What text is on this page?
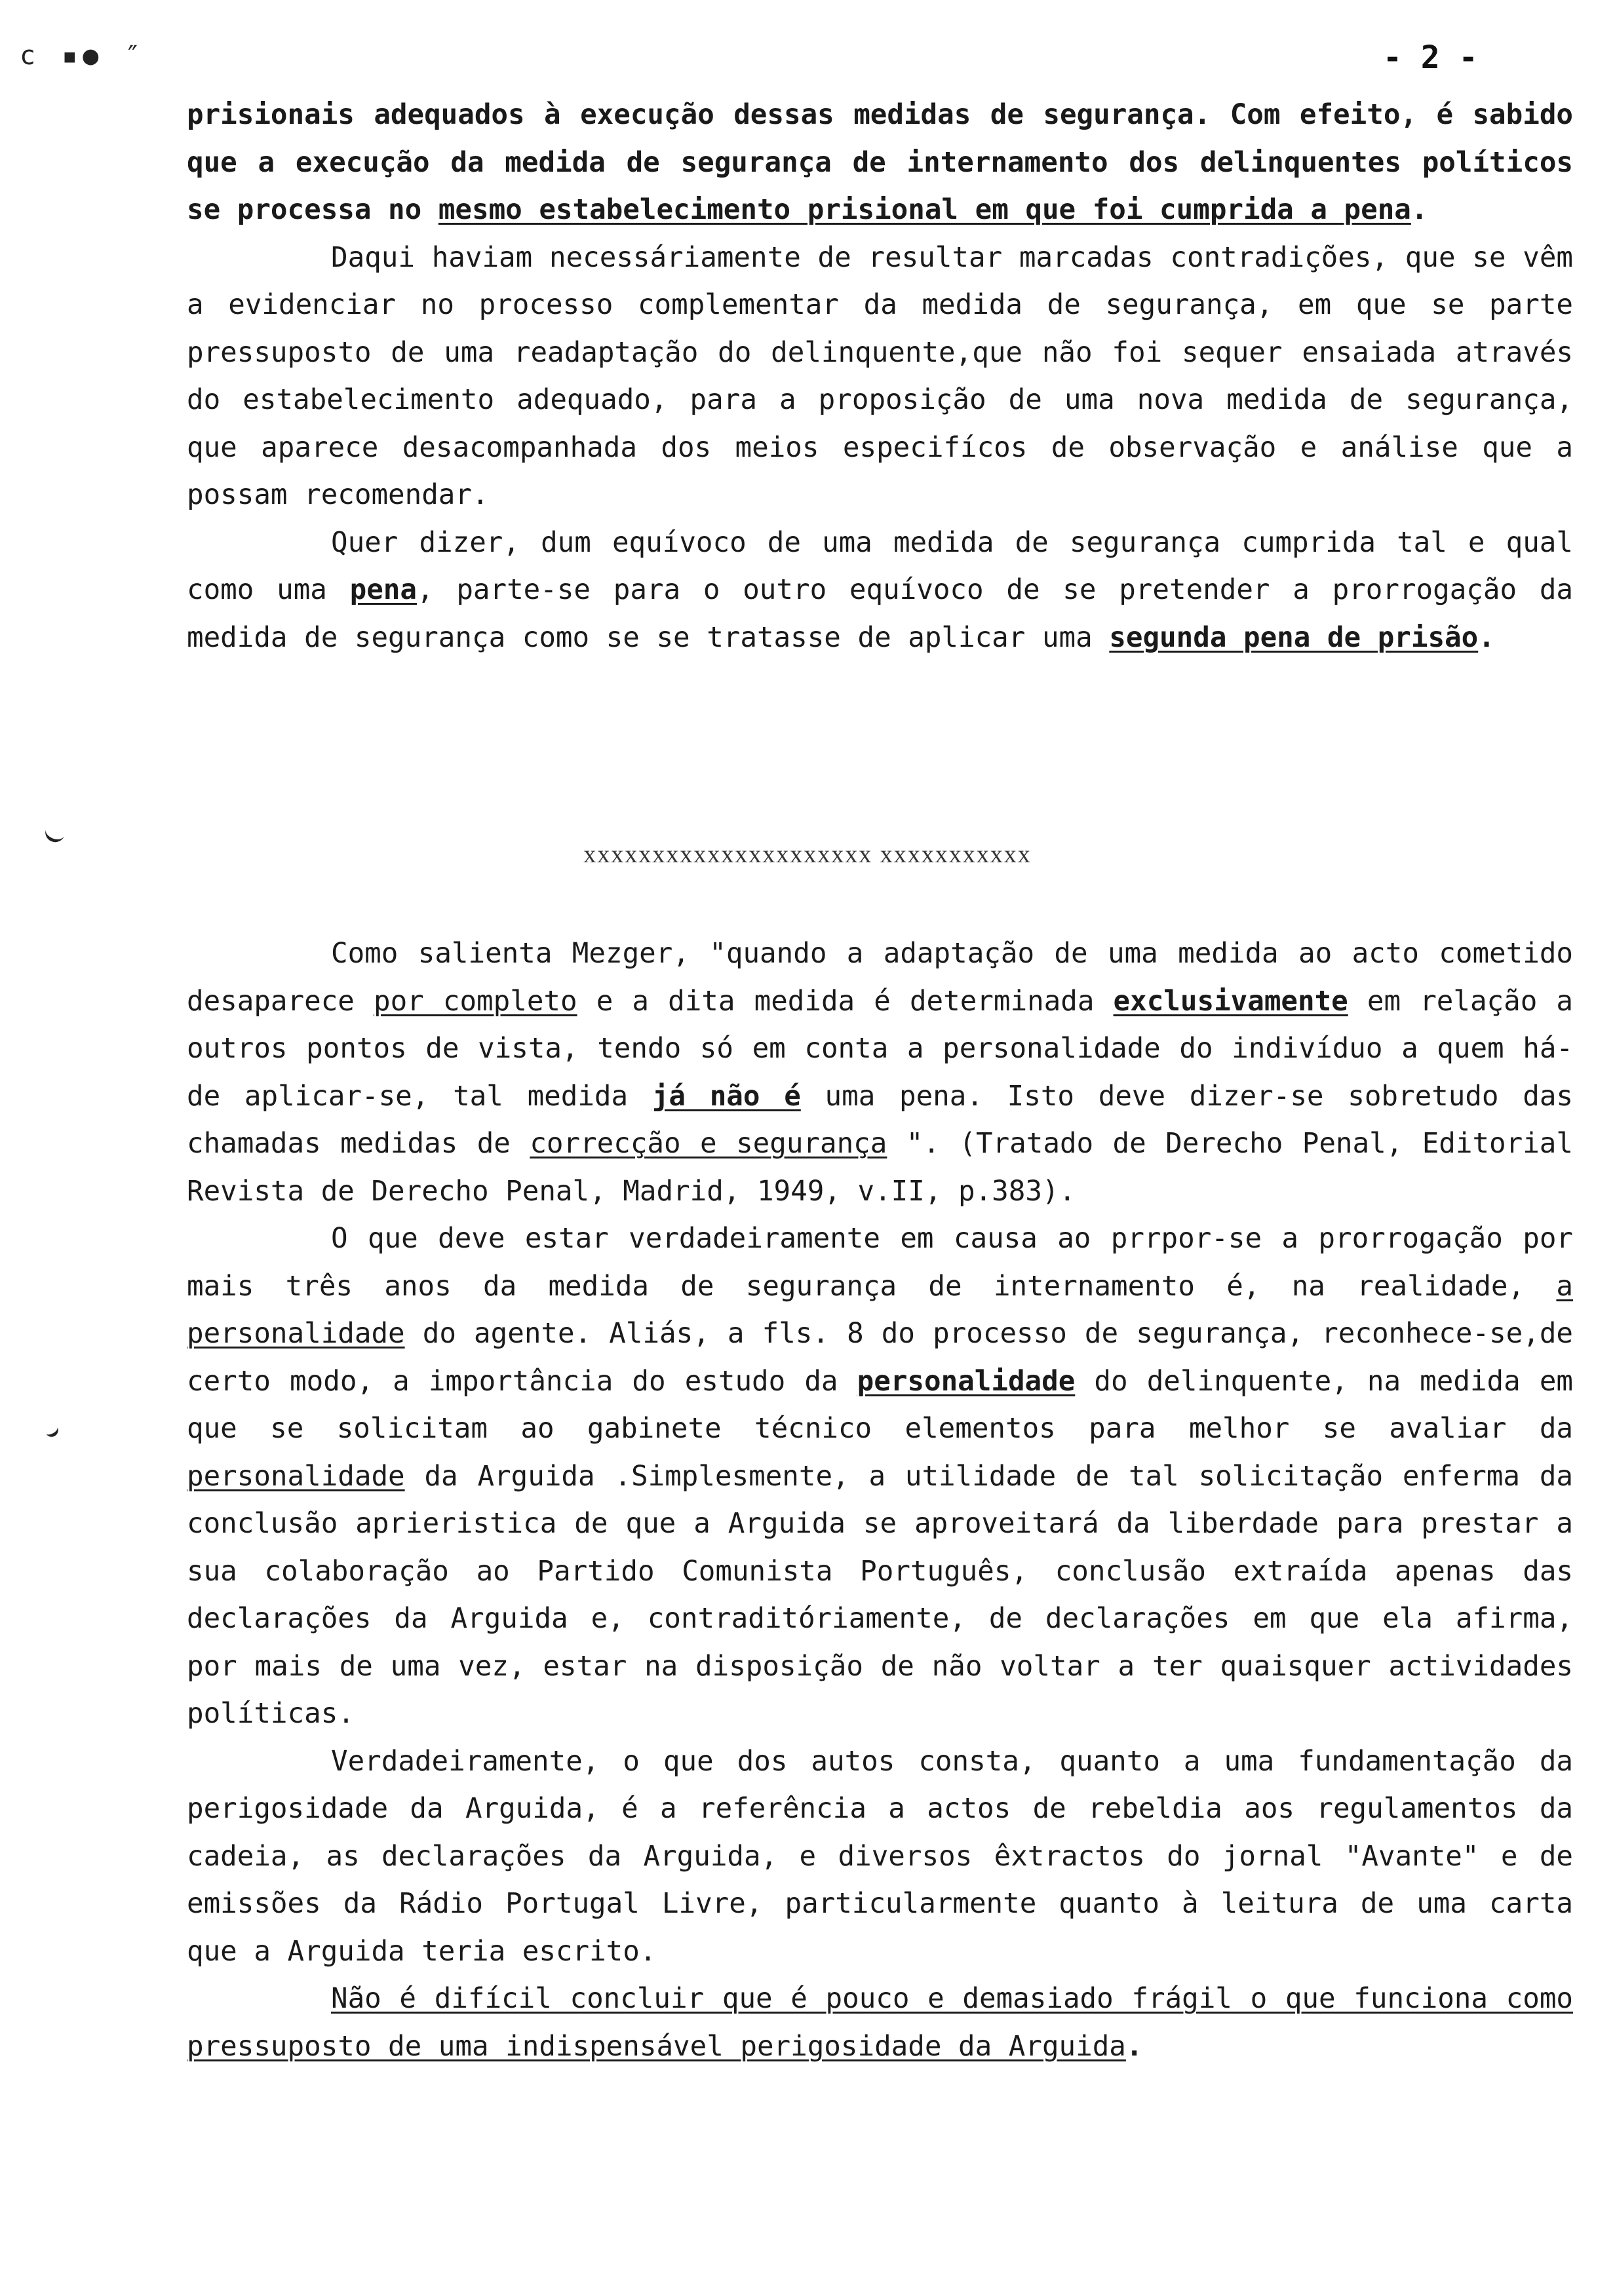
c ▪● ″	- 2 -

prisionais adequados à execução dessas medidas de segurança. Com efeito, é sabido que a execução da medida de segurança de internamento dos delinquentes políticos se processa no mesmo estabelecimento prisional em que foi cumprida a pena.

Daqui haviam necessáriamente de resultar marcadas contradições, que se vêm a evidenciar no processo complementar da medida de segurança, em que se parte pressuposto de uma readaptação do delinquente,que não foi sequer ensaiada através do estabelecimento adequado, para a proposição de uma nova medida de segurança, que aparece desacompanhada dos meios especifícos de observação e análise que a possam recomendar.

Quer dizer, dum equívoco de uma medida de segurança cumprida tal e qual como uma pena, parte-se para o outro equívoco de se pretender a prorrogação da medida de segurança como se se tratasse de aplicar uma segunda pena de prisão.

xxxxxxxxxxxxxxxxxxxxx xxxxxxxxxxx

Como salienta Mezger, "quando a adaptação de uma medida ao acto cometido desaparece por completo e a dita medida é determinada exclusivamente em relação a outros pontos de vista, tendo só em conta a personalidade do indivíduo a quem há-de aplicar-se, tal medida já não é uma pena. Isto deve dizer-se sobretudo das chamadas medidas de correcção e segurança ". (Tratado de Derecho Penal, Editorial Revista de Derecho Penal, Madrid, 1949, v.II, p.383).

O que deve estar verdadeiramente em causa ao prrpor-se a prorrogação por mais três anos da medida de segurança de internamento é, na realidade, a personalidade do agente. Aliás, a fls. 8 do processo de segurança, reconhece-se,de certo modo, a importância do estudo da personalidade do delinquente, na medida em que se solicitam ao gabinete técnico elementos para melhor se avaliar da personalidade da Arguida .Simplesmente, a utilidade de tal solicitação enferma da conclusão aprieristica de que a Arguida se aproveitará da liberdade para prestar a sua colaboração ao Partido Comunista Português, conclusão extraída apenas das declarações da Arguida e, contraditóriamente, de declarações em que ela afirma, por mais de uma vez, estar na disposição de não voltar a ter quaisquer actividades políticas.

Verdadeiramente, o que dos autos consta, quanto a uma fundamentação da perigosidade da Arguida, é a referência a actos de rebeldia aos regulamentos da cadeia, as declarações da Arguida, e diversos êxtractos do jornal "Avante" e de emissões da Rádio Portugal Livre, particularmente quanto à leitura de uma carta que a Arguida teria escrito.

Não é difícil concluir que é pouco e demasiado frágil o que funciona como pressuposto de uma indispensável perigosidade da Arguida.
